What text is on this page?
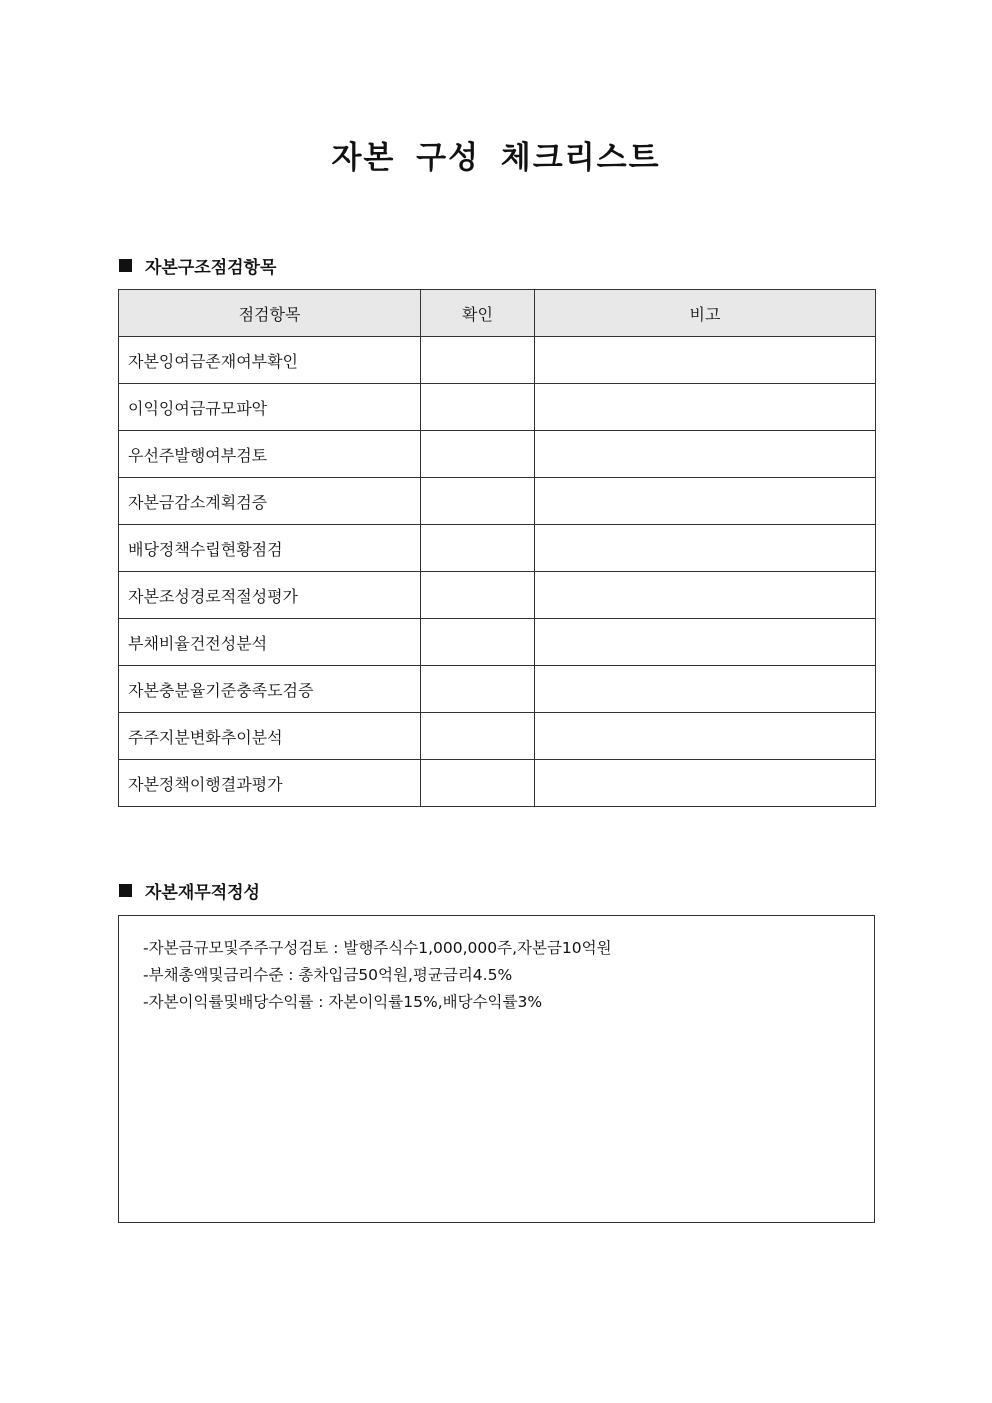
자본 구성 체크리스트
자본구조점검항목
점검항목	확인	비고
자본잉여금존재여부확인		
이익잉여금규모파악		
우선주발행여부검토		
자본금감소계획검증		
배당정책수립현황점검		
자본조성경로적절성평가		
부채비율건전성분석		
자본충분율기준충족도검증		
주주지분변화추이분석		
자본정책이행결과평가		
자본재무적정성
-자본금규모및주주구성검토 : 발행주식수1,000,000주,자본금10억원
-부채총액및금리수준 : 총차입금50억원,평균금리4.5%
-자본이익률및배당수익률 : 자본이익률15%,배당수익률3%
